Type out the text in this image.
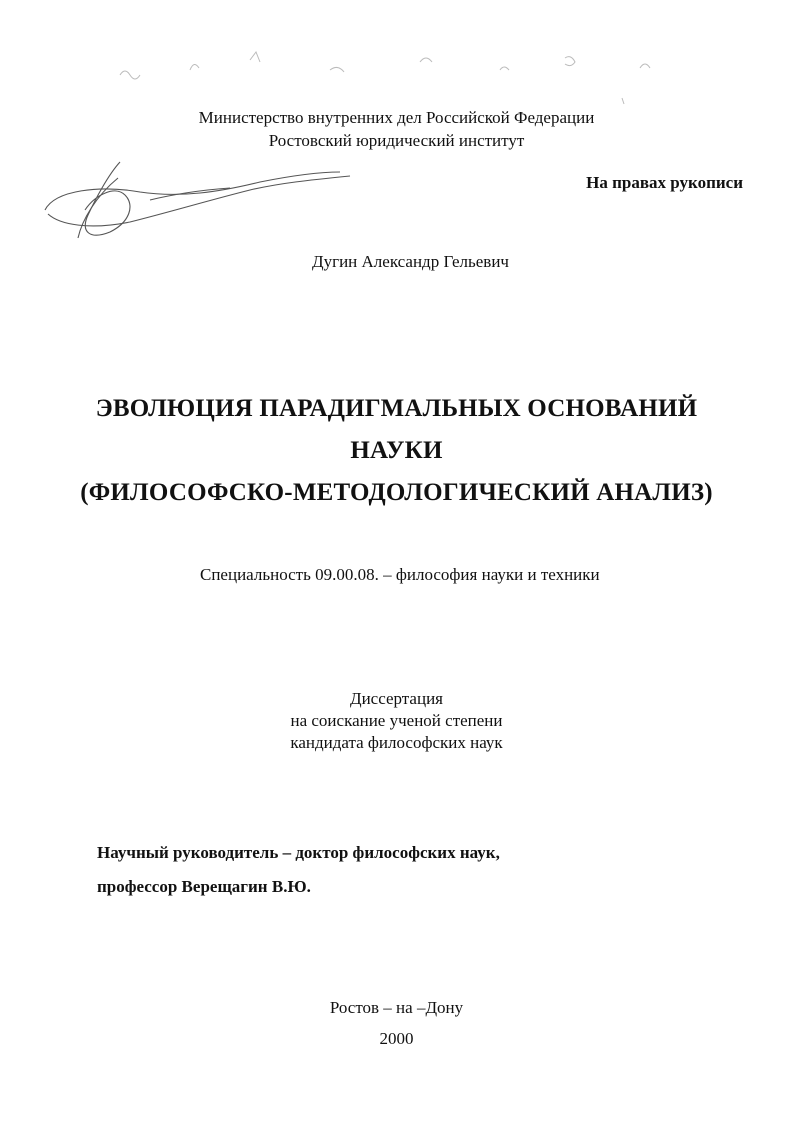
Министерство внутренних дел Российской Федерации
Ростовский юридический институт
На правах рукописи
Дугин Александр Гельевич
ЭВОЛЮЦИЯ ПАРАДИГМАЛЬНЫХ ОСНОВАНИЙ
НАУКИ
(ФИЛОСОФСКО-МЕТОДОЛОГИЧЕСКИЙ АНАЛИЗ)
Специальность 09.00.08. – философия науки и техники
Диссертация
на соискание ученой степени
кандидата философских наук
Научный руководитель – доктор философских наук,
профессор Верещагин В.Ю.
Ростов – на –Дону
2000
